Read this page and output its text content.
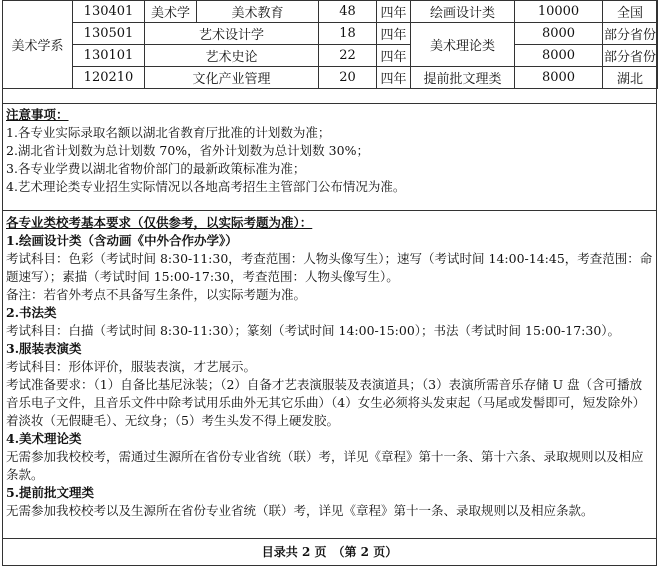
美术学系	130401	美术学	美术教育	48	四年	绘画设计类	10000	全国
	130501	艺术设计学		18	四年	美术理论类	8000	部分省份
	130101	艺术史论		22	四年		8000	部分省份
	120210	文化产业管理		20	四年	提前批文理类	8000	湖北
注意事项：
1.各专业实际录取名额以湖北省教育厅批准的计划数为准；
2.湖北省计划数为总计划数 70%，省外计划数为总计划数 30%；
3.各专业学费以湖北省物价部门的最新政策标准为准；
4.艺术理论类专业招生实际情况以各地高考招生主管部门公布情况为准。
各专业类校考基本要求（仅供参考，以实际考题为准）：
1.绘画设计类（含动画《中外合作办学》）
考试科目：色彩（考试时间 8:30-11:30，考查范围：人物头像写生）；速写（考试时间 14:00-14:45，考查范围：命
题速写）；素描（考试时间 15:00-17:30，考查范围：人物头像写生）。
备注：若省外考点不具备写生条件，以实际考题为准。
2.书法类
考试科目：白描（考试时间 8:30-11:30）；篆刻（考试时间 14:00-15:00）；书法（考试时间 15:00-17:30）。
3.服装表演类
考试科目：形体评价，服装表演，才艺展示。
考试准备要求：（1）自备比基尼泳装；（2）自备才艺表演服装及表演道具；（3）表演所需音乐存储 U 盘（含可播放
音乐电子文件，且音乐文件中除考试用乐曲外无其它乐曲）（4）女生必须将头发束起（马尾或发髻即可，短发除外）
着淡妆（无假睫毛）、无纹身；（5）考生头发不得上硬发胶。
4.美术理论类
无需参加我校校考，需通过生源所在省份专业省统（联）考，详见《章程》第十一条、第十六条、录取规则以及相应
条款。
5.提前批文理类
无需参加我校校考以及生源所在省份专业省统（联）考，详见《章程》第十一条、录取规则以及相应条款。
目录共 2 页　（第 2 页）
